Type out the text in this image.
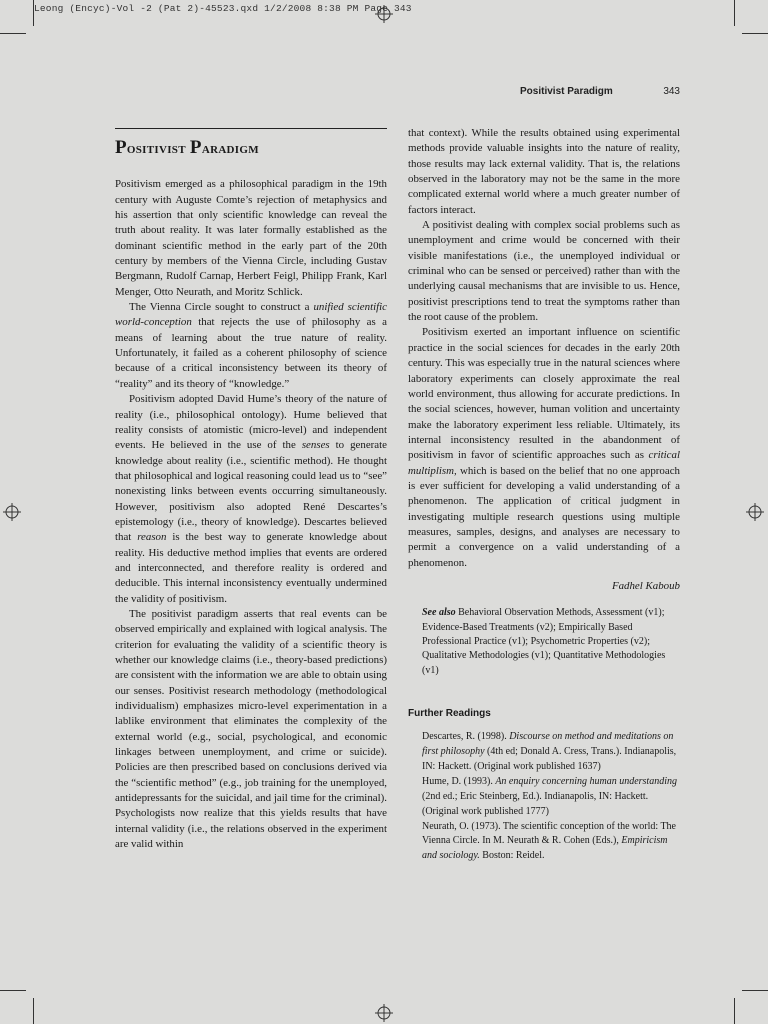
Leong (Encyc)-Vol -2 (Pat 2)-45523.qxd 1/2/2008 8:38 PM Page 343
Positivist Paradigm	343
Positivist Paradigm

Positivism emerged as a philosophical paradigm in the 19th century with Auguste Comte’s rejection of metaphysics and his assertion that only scientific knowledge can reveal the truth about reality. It was later formally established as the dominant scientific method in the early part of the 20th century by members of the Vienna Circle, including Gustav Bergmann, Rudolf Carnap, Herbert Feigl, Philipp Frank, Karl Menger, Otto Neurath, and Moritz Schlick.

The Vienna Circle sought to construct a unified scientific world-conception that rejects the use of philosophy as a means of learning about the true nature of reality. Unfortunately, it failed as a coherent philosophy of science because of a critical inconsistency between its theory of “reality” and its theory of “knowledge.”

Positivism adopted David Hume’s theory of the nature of reality (i.e., philosophical ontology). Hume believed that reality consists of atomistic (micro-level) and independent events. He believed in the use of the senses to generate knowledge about reality (i.e., scientific method). He thought that philosophical and logical reasoning could lead us to “see” nonexisting links between events occurring simultaneously. However, positivism also adopted René Descartes’s epistemology (i.e., theory of knowledge). Descartes believed that reason is the best way to generate knowledge about reality. His deductive method implies that events are ordered and interconnected, and therefore reality is ordered and deducible. This internal inconsistency eventually undermined the validity of positivism.

The positivist paradigm asserts that real events can be observed empirically and explained with logical analysis. The criterion for evaluating the validity of a scientific theory is whether our knowledge claims (i.e., theory-based predictions) are consistent with the information we are able to obtain using our senses. Positivist research methodology (methodological individualism) emphasizes micro-level experimentation in a lablike environment that eliminates the complexity of the external world (e.g., social, psychological, and economic linkages between unemployment, and crime or suicide). Policies are then prescribed based on conclusions derived via the “scientific method” (e.g., job training for the unemployed, antidepressants for the suicidal, and jail time for the criminal). Psychologists now realize that this yields results that have internal validity (i.e., the relations observed in the experiment are valid within

that context). While the results obtained using experimental methods provide valuable insights into the nature of reality, those results may lack external validity. That is, the relations observed in the laboratory may not be the same in the more complicated external world where a much greater number of factors interact.

A positivist dealing with complex social problems such as unemployment and crime would be concerned with their visible manifestations (i.e., the unemployed individual or criminal who can be sensed or perceived) rather than with the underlying causal mechanisms that are invisible to us. Hence, positivist prescriptions tend to treat the symptoms rather than the root cause of the problem.

Positivism exerted an important influence on scientific practice in the social sciences for decades in the early 20th century. This was especially true in the natural sciences where laboratory experiments can closely approximate the real world environment, thus allowing for accurate predictions. In the social sciences, however, human volition and uncertainty make the laboratory experiment less reliable. Ultimately, its internal inconsistency resulted in the abandonment of positivism in favor of scientific approaches such as critical multiplism, which is based on the belief that no one approach is ever sufficient for developing a valid understanding of a phenomenon. The application of critical judgment in investigating multiple research questions using multiple measures, samples, designs, and analyses are necessary to permit a convergence on a valid understanding of a phenomenon.

Fadhel Kaboub

See also Behavioral Observation Methods, Assessment (v1); Evidence-Based Treatments (v2); Empirically Based Professional Practice (v1); Psychometric Properties (v2); Qualitative Methodologies (v1); Quantitative Methodologies (v1)

Further Readings

Descartes, R. (1998). Discourse on method and meditations on first philosophy (4th ed; Donald A. Cress, Trans.). Indianapolis, IN: Hackett. (Original work published 1637)

Hume, D. (1993). An enquiry concerning human understanding (2nd ed.; Eric Steinberg, Ed.). Indianapolis, IN: Hackett. (Original work published 1777)

Neurath, O. (1973). The scientific conception of the world: The Vienna Circle. In M. Neurath & R. Cohen (Eds.), Empiricism and sociology. Boston: Reidel.
